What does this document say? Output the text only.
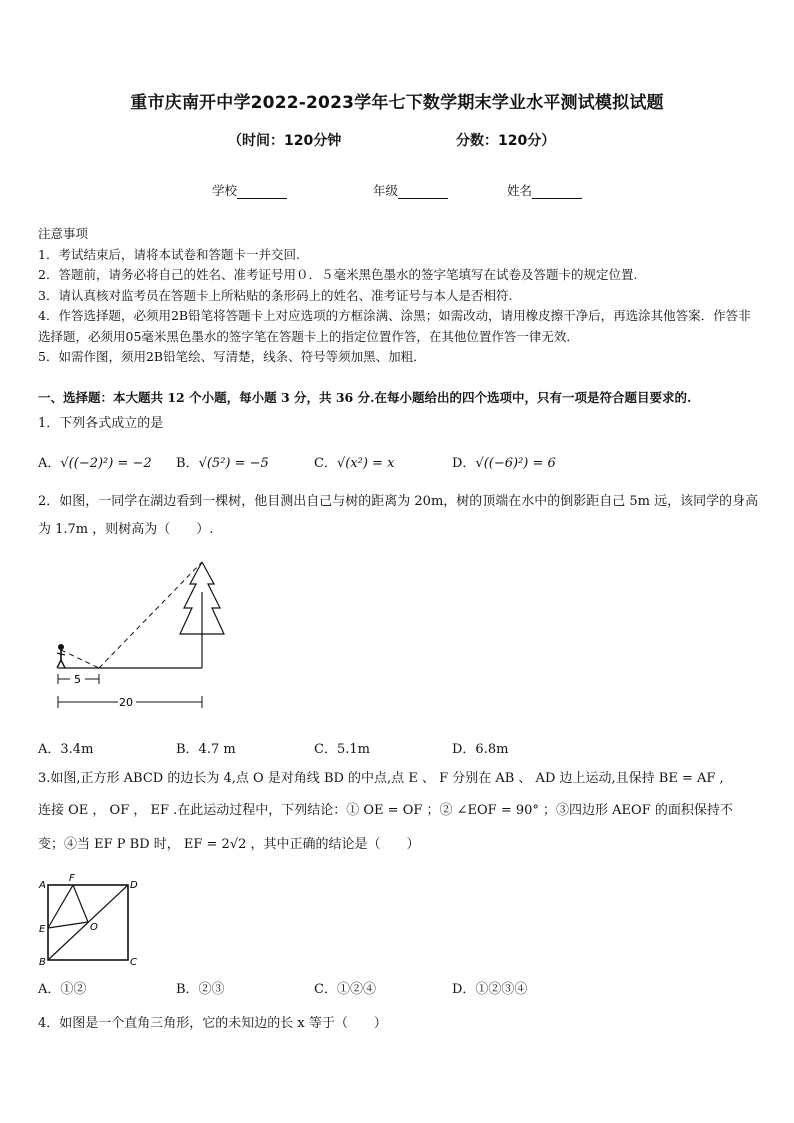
重市庆南开中学2022-2023学年七下数学期末学业水平测试模拟试题
（时间：120分钟	分数：120分）
学校	年级	姓名

注意事项

1．考试结束后，请将本试卷和答题卡一并交回.

2．答题前，请务必将自己的姓名、准考证号用０．５毫米黑色墨水的签字笔填写在试卷及答题卡的规定位置.

3．请认真核对监考员在答题卡上所粘贴的条形码上的姓名、准考证号与本人是否相符.

4．作答选择题，必须用2B铅笔将答题卡上对应选项的方框涂满、涂黑；如需改动，请用橡皮擦干净后，再选涂其他答案．作答非选择题，必须用05毫米黑色墨水的签字笔在答题卡上的指定位置作答，在其他位置作答一律无效．

5．如需作图，须用2B铅笔绘、写清楚，线条、符号等须加黑、加粗．

一、选择题：本大题共 12 个小题，每小题 3 分，共 36 分.在每小题给出的四个选项中，只有一项是符合题目要求的.
1．下列各式成立的是
A．√((−2)²) = −2 B．√(5²) = −5	C．√(x²) = x	D．√((−6)²) = 6
2．如图，一同学在湖边看到一棵树，他目测出自己与树的距离为 20m，树的顶端在水中的倒影距自己 5m 远，该同学的身高为 1.7m ，则树高为（　　）.
5
20
A．3.4m	B．4.7 m	C．5.1m	D．6.8m
3.如图,正方形 ABCD 的边长为 4,点 O 是对角线 BD 的中点,点 E 、 F 分别在 AB 、 AD 边上运动,且保持 BE = AF ,
连接 OE ， OF ， EF .在此运动过程中，下列结论：① OE = OF ；② ∠EOF = 90° ；③四边形 AEOF 的面积保持不
变；④当 EF P BD 时， EF = 2√2 ，其中正确的结论是（　　）
A
F
D
E	O
B	C
A．①②	B．②③	C．①②④	D．①②③④
4．如图是一个直角三角形，它的未知边的长 x 等于（　　）
